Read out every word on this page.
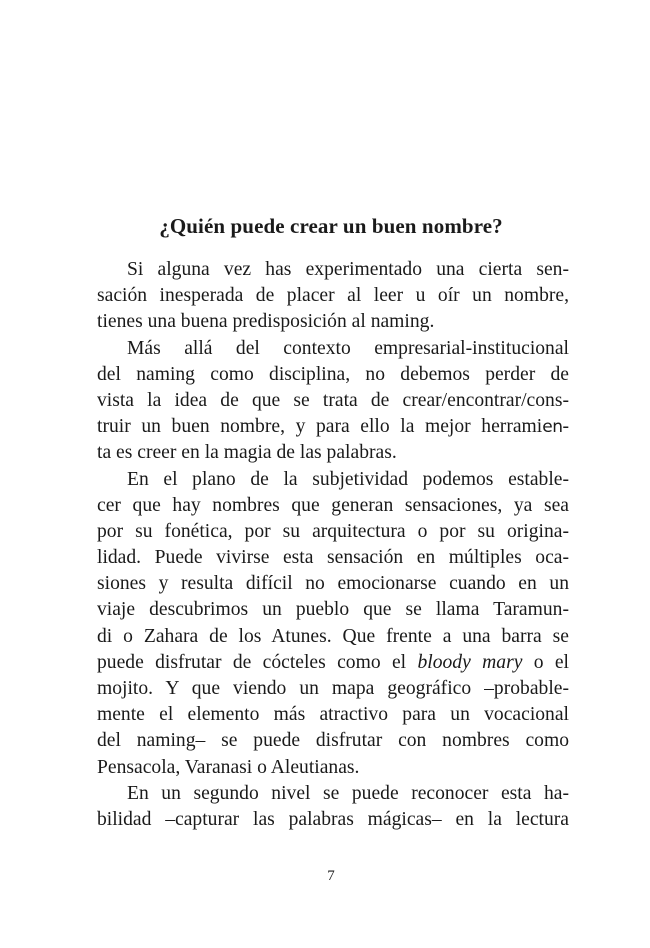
¿Quién puede crear un buen nombre?
Si alguna vez has experimentado una cierta sen-
sación inesperada de placer al leer u oír un nombre,
tienes una buena predisposición al naming.
Más allá del contexto empresarial-institucional
del naming como disciplina, no debemos perder de
vista la idea de que se trata de crear/encontrar/cons-
truir un buen nombre, y para ello la mejor herramien-
ta es creer en la magia de las palabras.
En el plano de la subjetividad podemos estable-
cer que hay nombres que generan sensaciones, ya sea
por su fonética, por su arquitectura o por su origina-
lidad. Puede vivirse esta sensación en múltiples oca-
siones y resulta difícil no emocionarse cuando en un
viaje descubrimos un pueblo que se llama Taramun-
di o Zahara de los Atunes. Que frente a una barra se
puede disfrutar de cócteles como el bloody mary o el
mojito. Y que viendo un mapa geográfico –probable-
mente el elemento más atractivo para un vocacional
del naming– se puede disfrutar con nombres como
Pensacola, Varanasi o Aleutianas.
En un segundo nivel se puede reconocer esta ha-
bilidad –capturar las palabras mágicas– en la lectura
7
